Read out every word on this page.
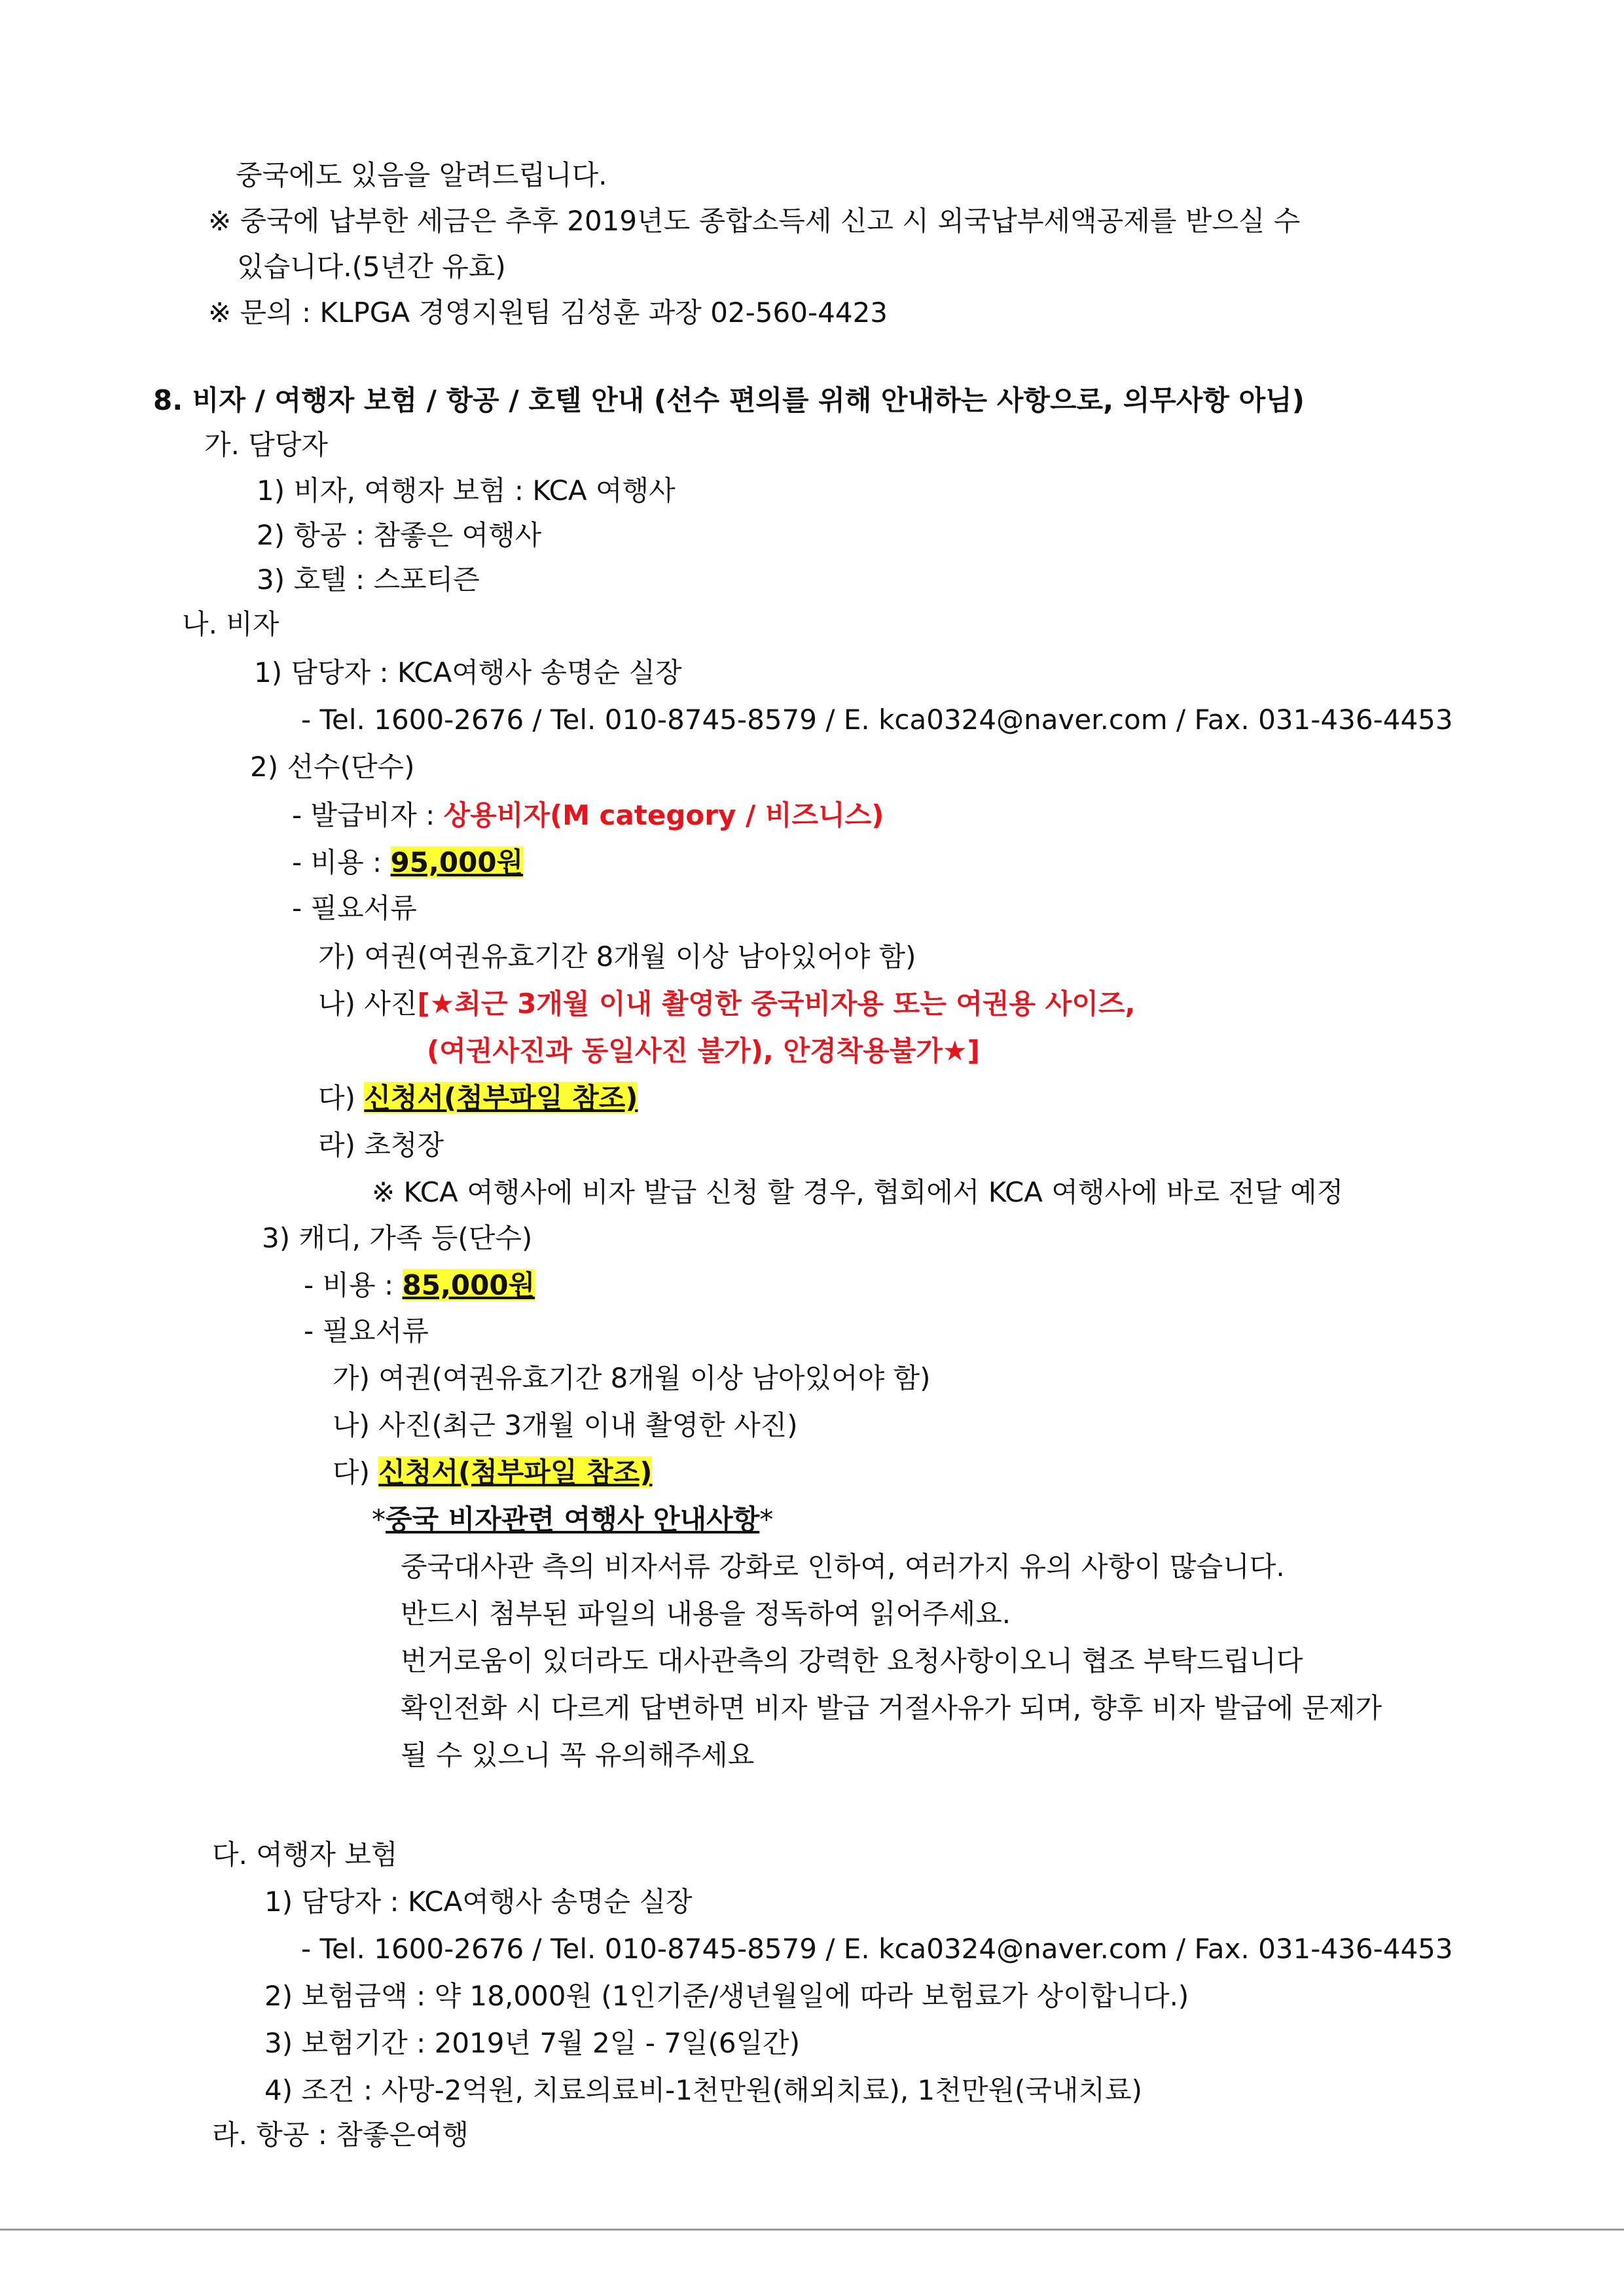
중국에도 있음을 알려드립니다.
※ 중국에 납부한 세금은 추후 2019년도 종합소득세 신고 시 외국납부세액공제를 받으실 수
있습니다.(5년간 유효)
※ 문의 : KLPGA 경영지원팀 김성훈 과장 02-560-4423
8. 비자 / 여행자 보험 / 항공 / 호텔 안내 (선수 편의를 위해 안내하는 사항으로, 의무사항 아님)
가. 담당자
1) 비자, 여행자 보험 : KCA 여행사
2) 항공 : 참좋은 여행사
3) 호텔 : 스포티즌
나. 비자
1) 담당자 : KCA여행사 송명순 실장
- Tel. 1600-2676 / Tel. 010-8745-8579 / E. kca0324@naver.com / Fax. 031-436-4453
2) 선수(단수)
- 발급비자 : 상용비자(M category / 비즈니스)
- 비용 : 95,000원
- 필요서류
가) 여권(여권유효기간 8개월 이상 남아있어야 함)
나) 사진[★최근 3개월 이내 촬영한 중국비자용 또는 여권용 사이즈,
(여권사진과 동일사진 불가), 안경착용불가★]
다) 신청서(첨부파일 참조)
라) 초청장
※ KCA 여행사에 비자 발급 신청 할 경우, 협회에서 KCA 여행사에 바로 전달 예정
3) 캐디, 가족 등(단수)
- 비용 : 85,000원
- 필요서류
가) 여권(여권유효기간 8개월 이상 남아있어야 함)
나) 사진(최근 3개월 이내 촬영한 사진)
다) 신청서(첨부파일 참조)
*중국 비자관련 여행사 안내사항*
중국대사관 측의 비자서류 강화로 인하여, 여러가지 유의 사항이 많습니다.
반드시 첨부된 파일의 내용을 정독하여 읽어주세요.
번거로움이 있더라도 대사관측의 강력한 요청사항이오니 협조 부탁드립니다
확인전화 시 다르게 답변하면 비자 발급 거절사유가 되며, 향후 비자 발급에 문제가
될 수 있으니 꼭 유의해주세요
다. 여행자 보험
1) 담당자 : KCA여행사 송명순 실장
- Tel. 1600-2676 / Tel. 010-8745-8579 / E. kca0324@naver.com / Fax. 031-436-4453
2) 보험금액 : 약 18,000원 (1인기준/생년월일에 따라 보험료가 상이합니다.)
3) 보험기간 : 2019년 7월 2일 - 7일(6일간)
4) 조건 : 사망-2억원, 치료의료비-1천만원(해외치료), 1천만원(국내치료)
라. 항공 : 참좋은여행
